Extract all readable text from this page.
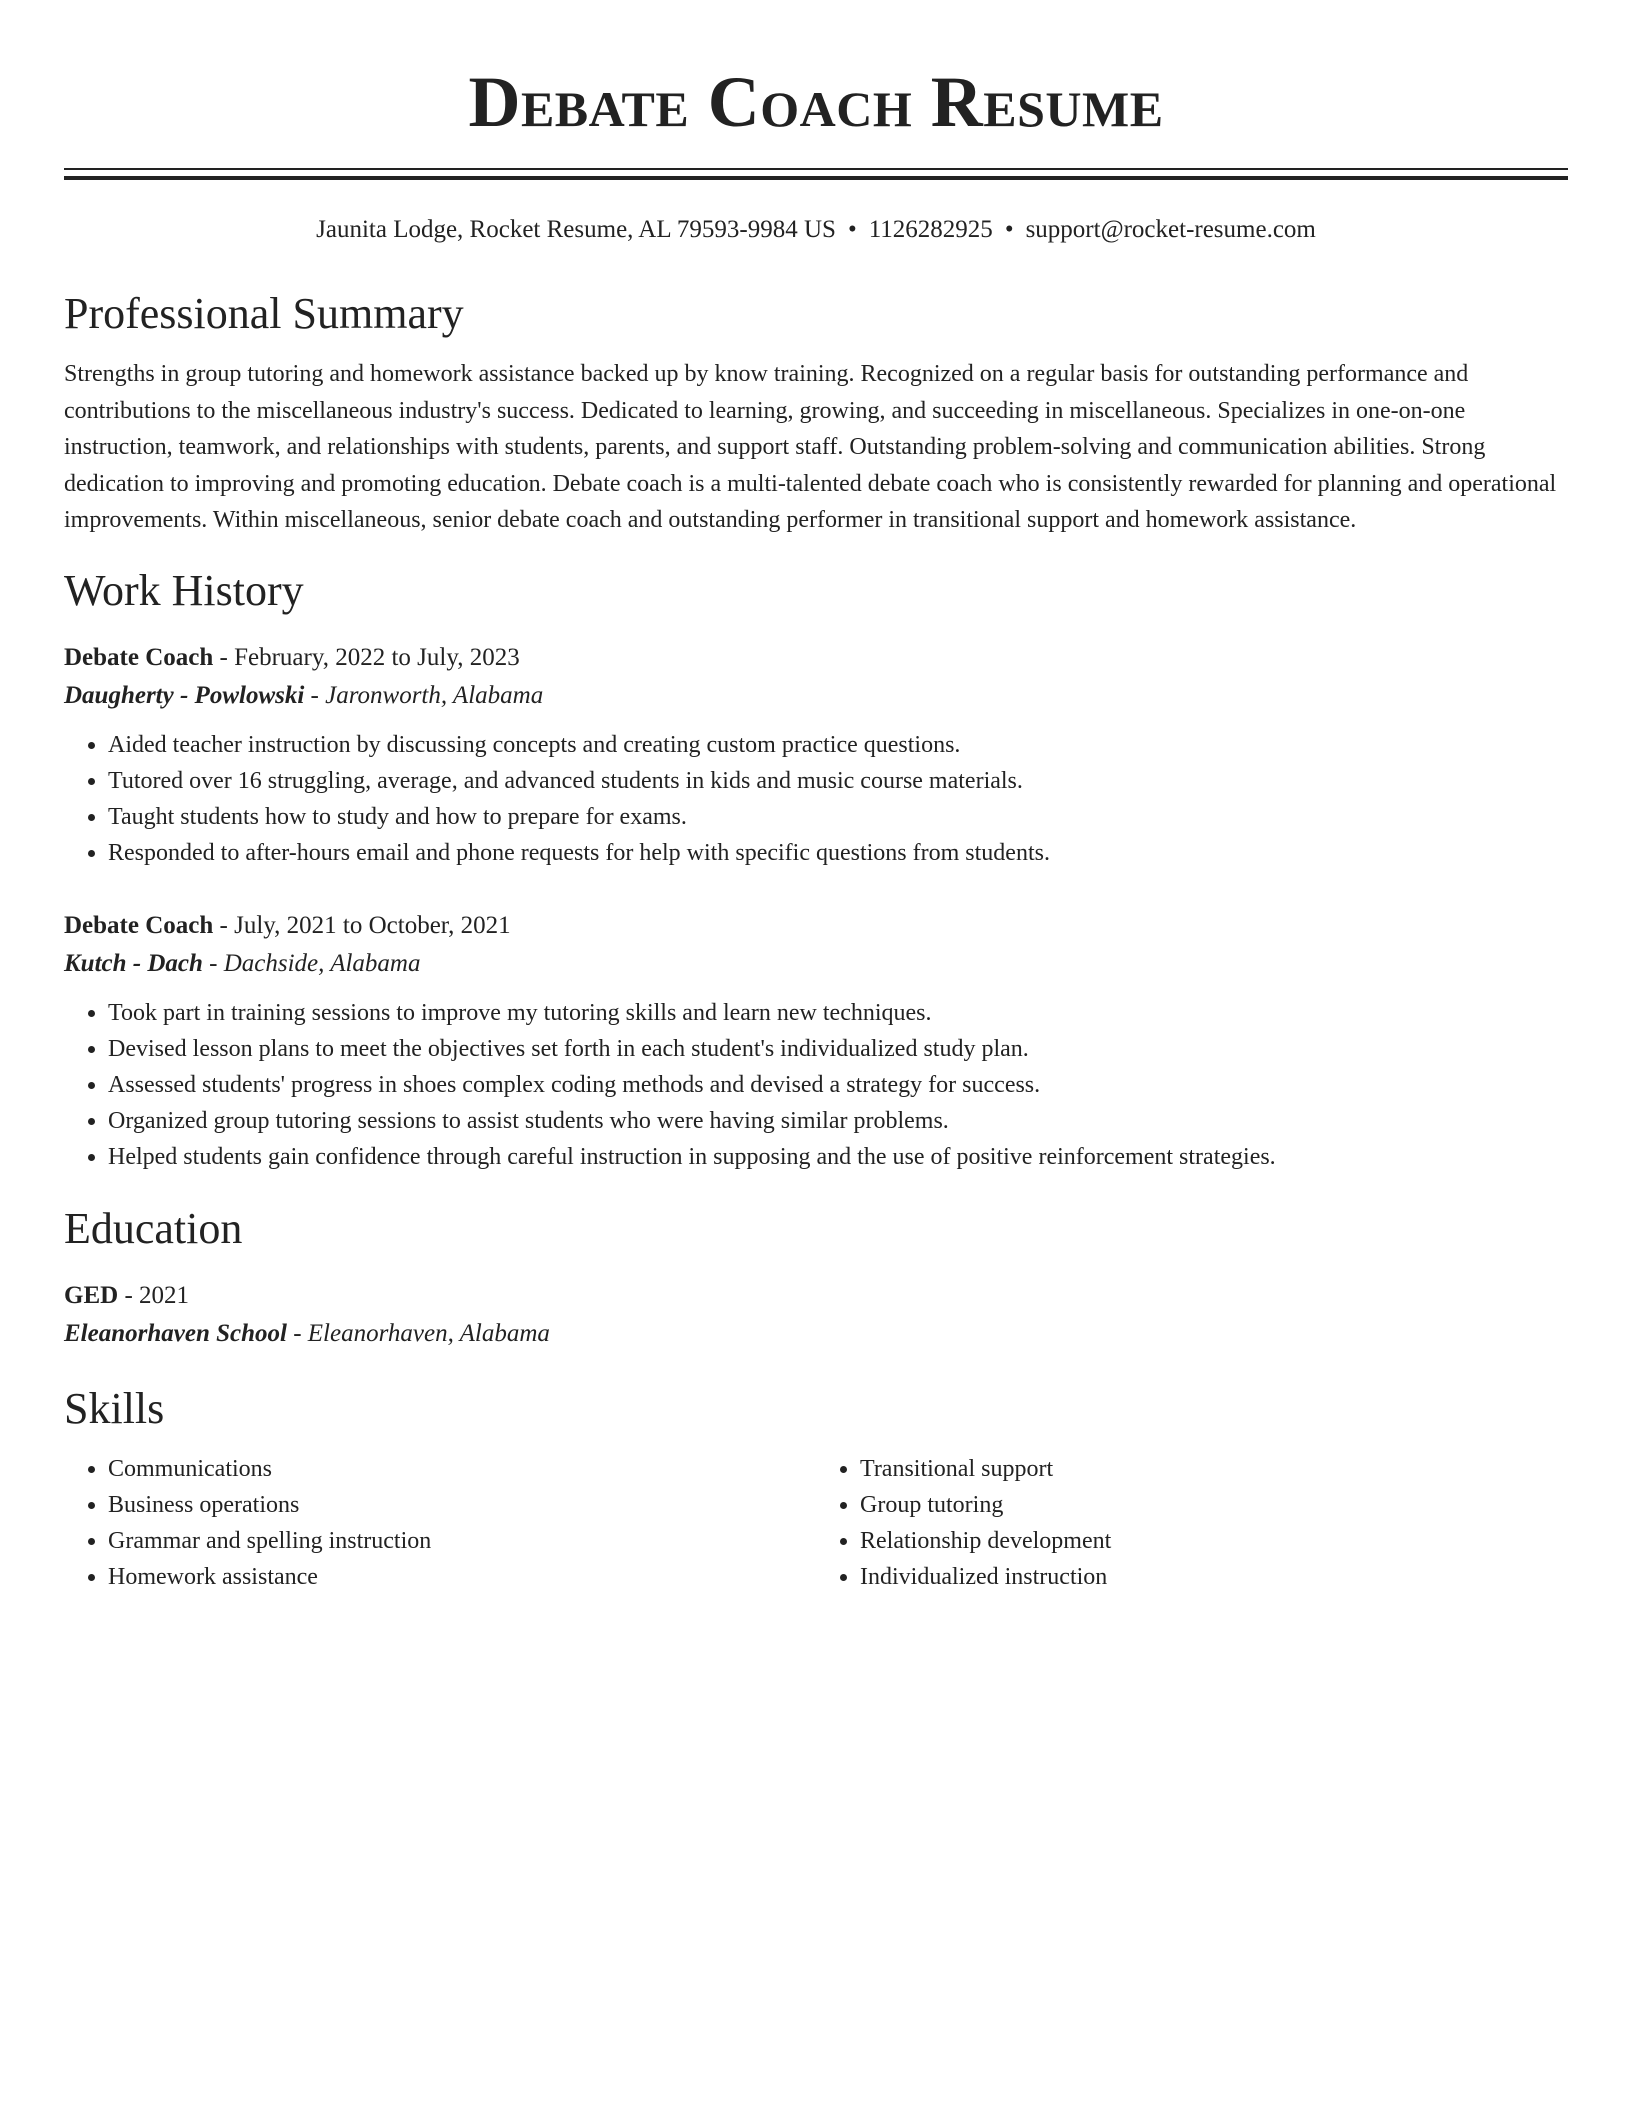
Debate Coach Resume
Jaunita Lodge, Rocket Resume, AL 79593-9984 US • 1126282925 • support@rocket-resume.com
Professional Summary
Strengths in group tutoring and homework assistance backed up by know training. Recognized on a regular basis for outstanding performance and contributions to the miscellaneous industry's success. Dedicated to learning, growing, and succeeding in miscellaneous. Specializes in one-on-one instruction, teamwork, and relationships with students, parents, and support staff. Outstanding problem-solving and communication abilities. Strong dedication to improving and promoting education. Debate coach is a multi-talented debate coach who is consistently rewarded for planning and operational improvements. Within miscellaneous, senior debate coach and outstanding performer in transitional support and homework assistance.
Work History
Debate Coach - February, 2022 to July, 2023
Daugherty - Powlowski - Jaronworth, Alabama
• Aided teacher instruction by discussing concepts and creating custom practice questions.
• Tutored over 16 struggling, average, and advanced students in kids and music course materials.
• Taught students how to study and how to prepare for exams.
• Responded to after-hours email and phone requests for help with specific questions from students.
Debate Coach - July, 2021 to October, 2021
Kutch - Dach - Dachside, Alabama
• Took part in training sessions to improve my tutoring skills and learn new techniques.
• Devised lesson plans to meet the objectives set forth in each student's individualized study plan.
• Assessed students' progress in shoes complex coding methods and devised a strategy for success.
• Organized group tutoring sessions to assist students who were having similar problems.
• Helped students gain confidence through careful instruction in supposing and the use of positive reinforcement strategies.
Education
GED - 2021
Eleanorhaven School - Eleanorhaven, Alabama
Skills
• Communications
• Business operations
• Grammar and spelling instruction
• Homework assistance
• Transitional support
• Group tutoring
• Relationship development
• Individualized instruction
